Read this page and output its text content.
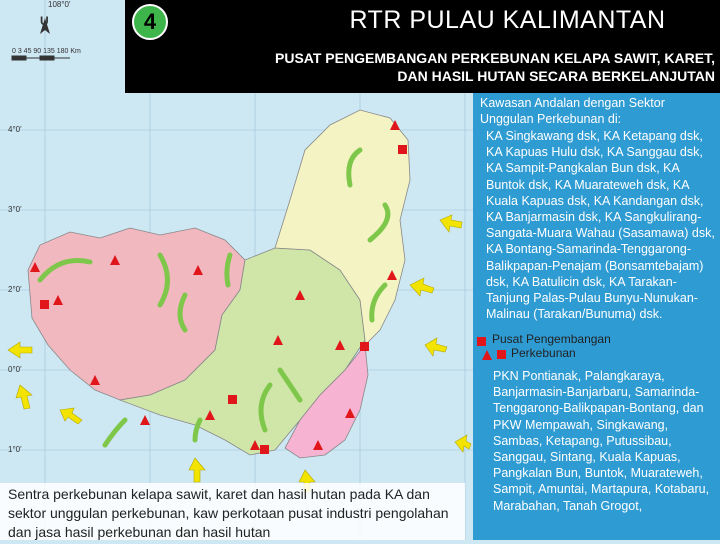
U
108°0'
0 3 45 90 135 180 Km
4°0'
3°0'
2°0'
0°0'
1°0'
4	RTR PULAU KALIMANTAN
PUSAT PENGEMBANGAN PERKEBUNAN KELAPA SAWIT, KARET,
DAN HASIL HUTAN SECARA BERKELANJUTAN

Kawasan Andalan dengan Sektor Unggulan Perkebunan di:

KA Singkawang dsk, KA Ketapang dsk, KA Kapuas Hulu dsk, KA Sanggau dsk, KA Sampit-Pangkalan Bun dsk, KA Buntok dsk, KA Muarateweh dsk, KA Kuala Kapuas dsk, KA Kandangan dsk, KA Banjarmasin dsk, KA Sangkulirang-Sangata-Muara Wahau (Sasamawa) dsk, KA Bontang-Samarinda-Tenggarong-Balikpapan-Penajam (Bonsamtebajam) dsk, KA Batulicin dsk, KA Tarakan-Tanjung Palas-Pulau Bunyu-Nunukan-Malinau (Tarakan/Bunuma) dsk.

PKN Pontianak, Palangkaraya, Banjarmasin-Banjarbaru, Samarinda-Tenggarong-Balikpapan-Bontang, dan PKW Mempawah, Singkawang, Sambas, Ketapang, Putussibau, Sanggau, Sintang, Kuala Kapuas, Pangkalan Bun, Buntok, Muarateweh, Sampit, Amuntai, Martapura, Kotabaru, Marabahan, Tanah Grogot,

Pusat Pengembangan
Perkebunan

Sentra perkebunan kelapa sawit, karet dan hasil hutan pada KA dan sektor unggulan perkebunan, kaw perkotaan pusat industri pengolahan dan jasa hasil perkebunan dan hasil hutan
